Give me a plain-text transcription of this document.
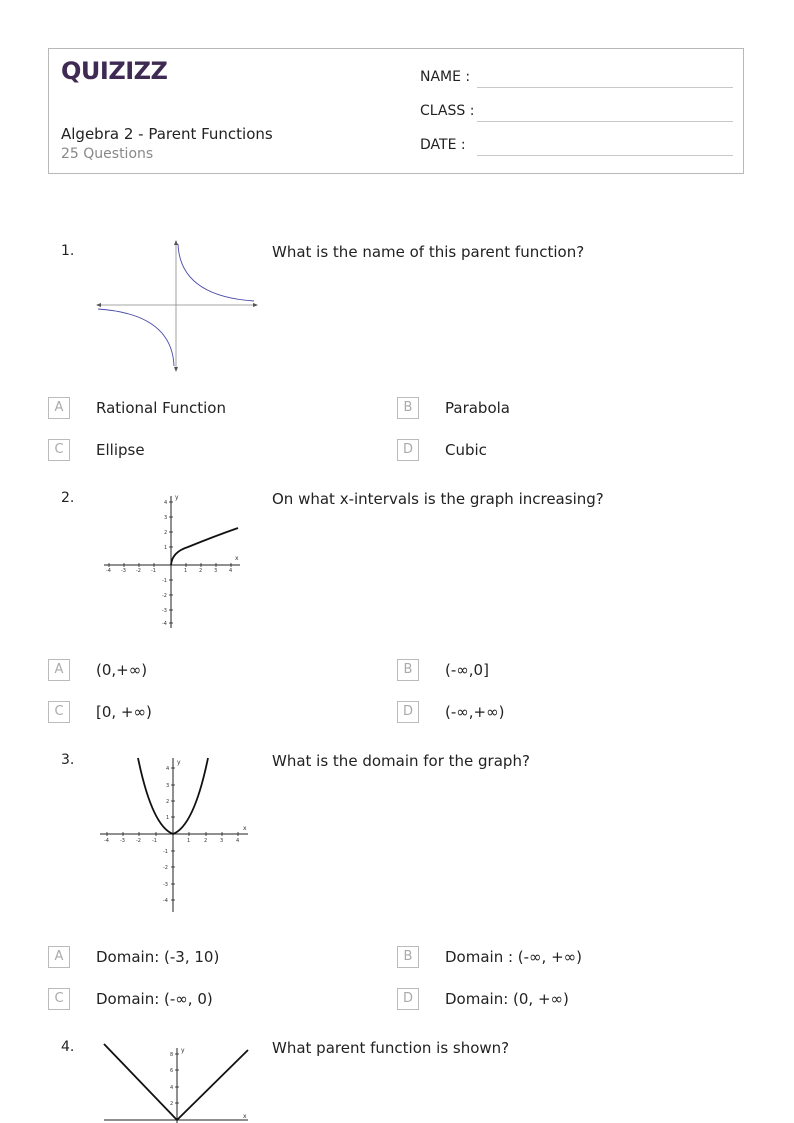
QUIZIZZ
Algebra 2 - Parent Functions
25 Questions
NAME :
CLASS :
DATE :
1.	What is the name of this parent function?
A	Rational Function	B	Parabola
C	Ellipse	D	Cubic
2.	On what x-intervals is the graph increasing?
-4 -3 -2 -1	1 2 3 4
4
3
2
1
-1
-2
-3
-4
y
x
A	(0,+∞)	B	(-∞,0]
C	[0, +∞)	D	(-∞,+∞)
3.	What is the domain for the graph?
-4 -3 -2 -1	1	2	3	4
4
3
2
1
-1
-2
-3
-4
y
x
A	Domain: (-3, 10)	B	Domain : (-∞, +∞)
C	Domain: (-∞, 0)	D	Domain: (0, +∞)
4.	What parent function is shown?
8
6
4
2
y
x
